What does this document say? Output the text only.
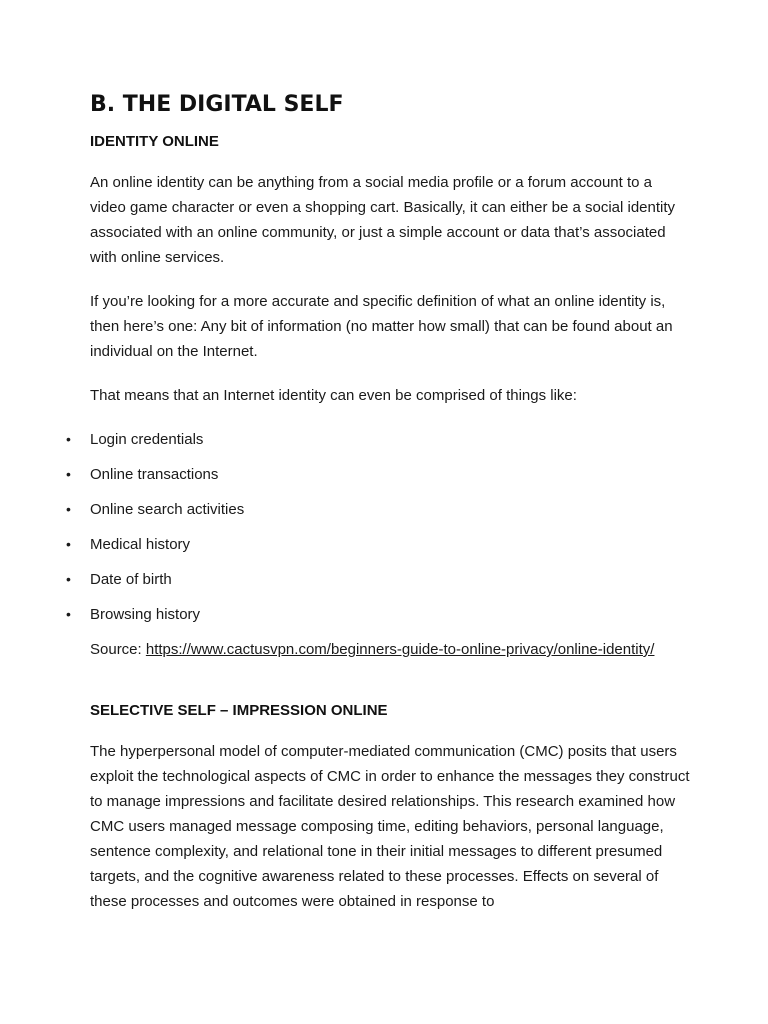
B. THE DIGITAL SELF
IDENTITY ONLINE

An online identity can be anything from a social media profile or a forum account to a video game character or even a shopping cart. Basically, it can either be a social identity associated with an online community, or just a simple account or data that’s associated with online services.

If you’re looking for a more accurate and specific definition of what an online identity is, then here’s one: Any bit of information (no matter how small) that can be found about an individual on the Internet.

That means that an Internet identity can even be comprised of things like:

• Login credentials
• Online transactions
• Online search activities
• Medical history
• Date of birth
• Browsing history
Source: https://www.cactusvpn.com/beginners-guide-to-online-privacy/online-identity/
SELECTIVE SELF – IMPRESSION ONLINE

The hyperpersonal model of computer-mediated communication (CMC) posits that users exploit the technological aspects of CMC in order to enhance the messages they construct to manage impressions and facilitate desired relationships. This research examined how CMC users managed message composing time, editing behaviors, personal language, sentence complexity, and relational tone in their initial messages to different presumed targets, and the cognitive awareness related to these processes. Effects on several of these processes and outcomes were obtained in response to
